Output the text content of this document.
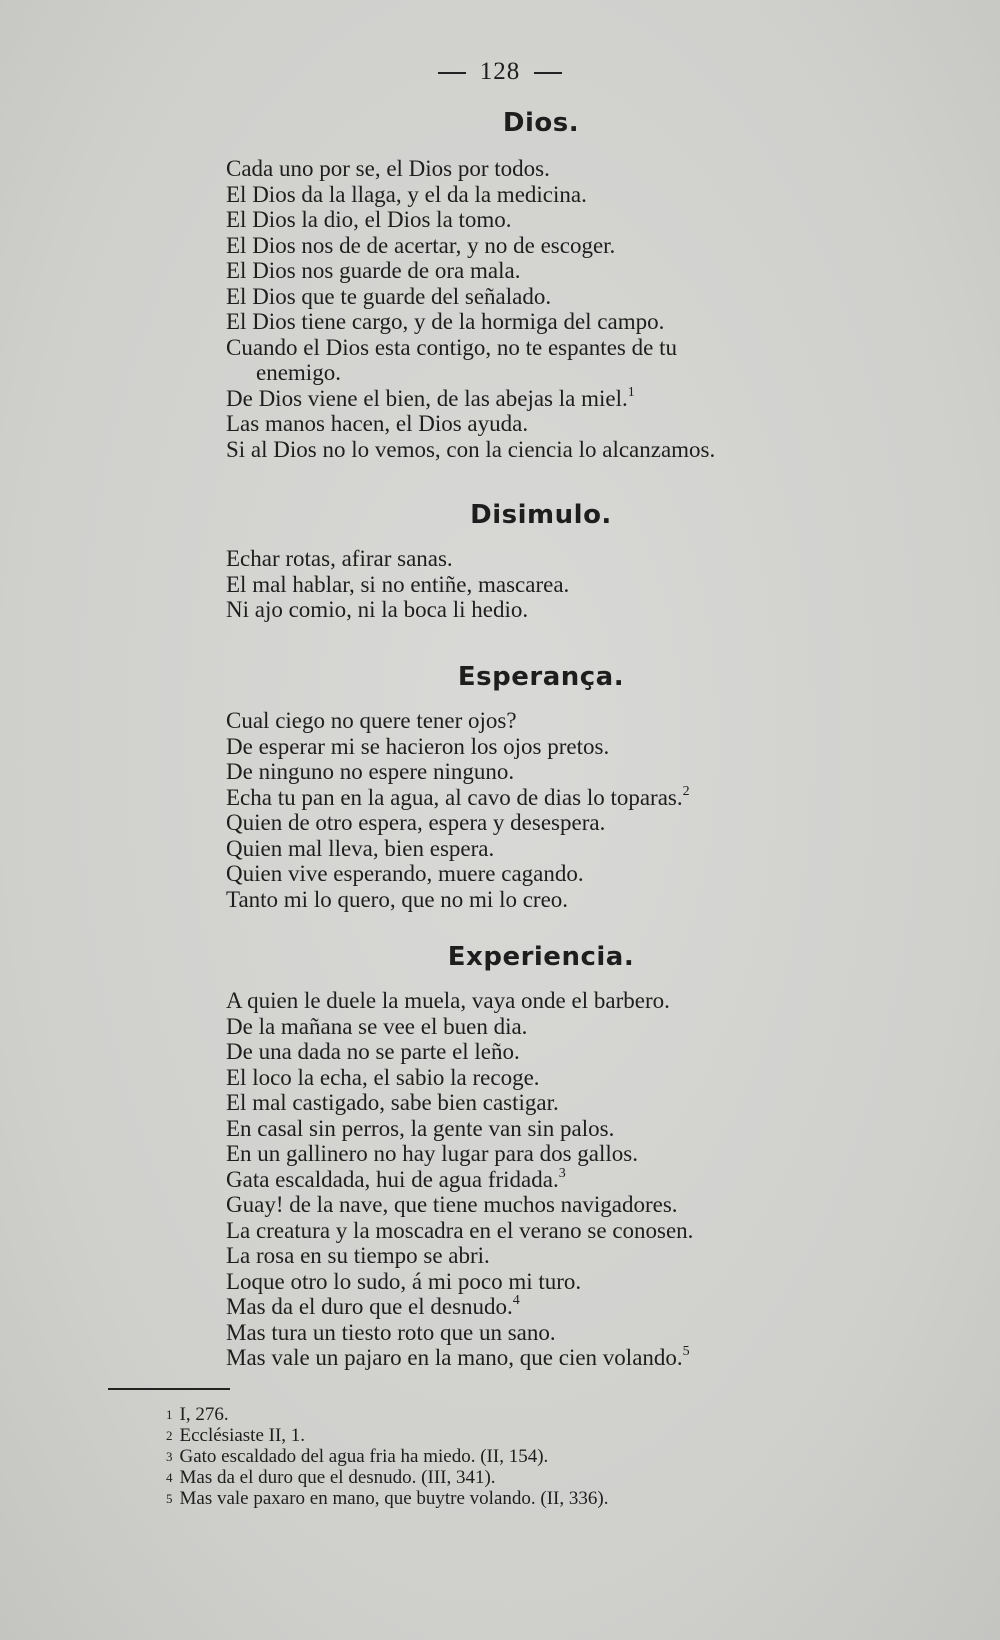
128
Dios.
Cada uno por se, el Dios por todos.
El Dios da la llaga, y el da la medicina.
El Dios la dio, el Dios la tomo.
El Dios nos de de acertar, y no de escoger.
El Dios nos guarde de ora mala.
El Dios que te guarde del señalado.
El Dios tiene cargo, y de la hormiga del campo.
Cuando el Dios esta contigo, no te espantes de tu
enemigo.
De Dios viene el bien, de las abejas la miel.$^1$
Las manos hacen, el Dios ayuda.
Si al Dios no lo vemos, con la ciencia lo alcanzamos.
Disimulo.
Echar rotas, afirar sanas.
El mal hablar, si no entiñe, mascarea.
Ni ajo comio, ni la boca li hedio.
Esperança.
Cual ciego no quere tener ojos?
De esperar mi se hacieron los ojos pretos.
De ninguno no espere ninguno.
Echa tu pan en la agua, al cavo de dias lo toparas.$^2$
Quien de otro espera, espera y desespera.
Quien mal lleva, bien espera.
Quien vive esperando, muere cagando.
Tanto mi lo quero, que no mi lo creo.
Experiencia.
A quien le duele la muela, vaya onde el barbero.
De la mañana se vee el buen dia.
De una dada no se parte el leño.
El loco la echa, el sabio la recoge.
El mal castigado, sabe bien castigar.
En casal sin perros, la gente van sin palos.
En un gallinero no hay lugar para dos gallos.
Gata escaldada, hui de agua fridada.$^3$
Guay! de la nave, que tiene muchos navigadores.
La creatura y la moscadra en el verano se conosen.
La rosa en su tiempo se abri.
Loque otro lo sudo, á mi poco mi turo.
Mas da el duro que el desnudo.$^4$
Mas tura un tiesto roto que un sano.
Mas vale un pajaro en la mano, que cien volando.$^5$
$^1$ I, 276.
$^2$ Ecclésiaste II, 1.
$^3$ Gato escaldado del agua fria ha miedo. (II, 154).
$^4$ Mas da el duro que el desnudo. (III, 341).
$^5$ Mas vale paxaro en mano, que buytre volando. (II, 336).
